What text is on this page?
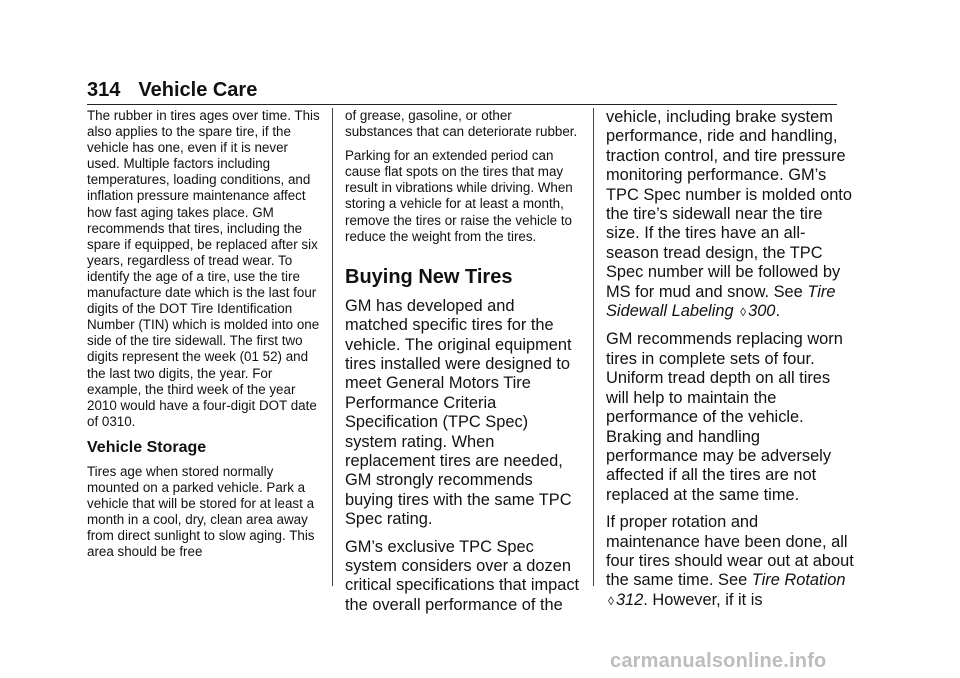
314 Vehicle Care

The rubber in tires ages over time. This also applies to the spare tire, if the vehicle has one, even if it is never used. Multiple factors including temperatures, loading conditions, and inflation pressure maintenance affect how fast aging takes place. GM recommends that tires, including the spare if equipped, be replaced after six years, regardless of tread wear. To identify the age of a tire, use the tire manufacture date which is the last four digits of the DOT Tire Identification Number (TIN) which is molded into one side of the tire sidewall. The first two digits represent the week (01 52) and the last two digits, the year. For example, the third week of the year 2010 would have a four-digit DOT date of 0310.

Vehicle Storage

Tires age when stored normally mounted on a parked vehicle. Park a vehicle that will be stored for at least a month in a cool, dry, clean area away from direct sunlight to slow aging. This area should be free

of grease, gasoline, or other substances that can deteriorate rubber.

Parking for an extended period can cause flat spots on the tires that may result in vibrations while driving. When storing a vehicle for at least a month, remove the tires or raise the vehicle to reduce the weight from the tires.

Buying New Tires

GM has developed and matched specific tires for the vehicle. The original equipment tires installed were designed to meet General Motors Tire Performance Criteria Specification (TPC Spec) system rating. When replacement tires are needed, GM strongly recommends buying tires with the same TPC Spec rating.

GM’s exclusive TPC Spec system considers over a dozen critical specifications that impact the overall performance of the

vehicle, including brake system performance, ride and handling, traction control, and tire pressure monitoring performance. GM’s TPC Spec number is molded onto the tire’s sidewall near the tire size. If the tires have an all-season tread design, the TPC Spec number will be followed by MS for mud and snow. See Tire Sidewall Labeling ◊ 300.

GM recommends replacing worn tires in complete sets of four. Uniform tread depth on all tires will help to maintain the performance of the vehicle. Braking and handling performance may be adversely affected if all the tires are not replaced at the same time.

If proper rotation and maintenance have been done, all four tires should wear out at about the same time. See Tire Rotation ◊ 312. However, if it is

carmanualsonline.info
